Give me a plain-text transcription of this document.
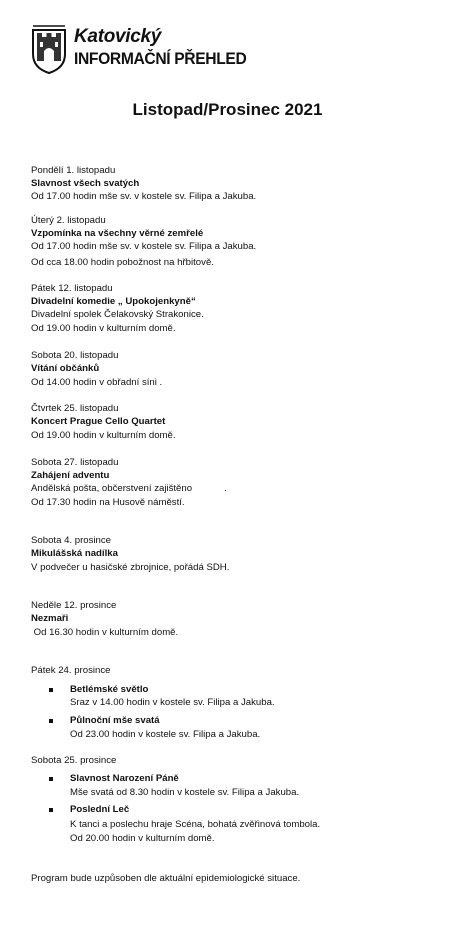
Katovický
INFORMAČNÍ PŘEHLED
Listopad/Prosinec 2021
Pondělí 1. listopadu
Slavnost všech svatých
Od 17.00 hodin mše sv. v kostele sv. Filipa a Jakuba.
Úterý 2. listopadu
Vzpomínka na všechny věrné zemřelé
Od 17.00 hodin mše sv. v kostele sv. Filipa a Jakuba.
Od cca 18.00 hodin pobožnost na hřbitově.
Pátek 12. listopadu
Divadelní komedie „ Upokojenkyně“
Divadelní spolek Čelakovský Strakonice.
Od 19.00 hodin v kulturním domě.
Sobota 20. listopadu
Vítání občánků
Od 14.00 hodin v obřadní síni .
Čtvrtek 25. listopadu
Koncert Prague Cello Quartet
Od 19.00 hodin v kulturním domě.
Sobota 27. listopadu
Zahájení adventu
Andělská pošta, občerstvení zajištěno            .
Od 17.30 hodin na Husově náměstí.
Sobota 4. prosince
Mikulášská nadílka
V podvečer u hasičské zbrojnice, pořádá SDH.
Neděle 12. prosince
Nezmaři
Od 16.30 hodin v kulturním domě.
Pátek 24. prosince
Betlémské světlo
Sraz v 14.00 hodin v kostele sv. Filipa a Jakuba.
Půlnoční mše svatá
Od 23.00 hodin v kostele sv. Filipa a Jakuba.
Sobota 25. prosince
Slavnost Narození Páně
Mše svatá od 8.30 hodin v kostele sv. Filipa a Jakuba.
Poslední Leč
K tanci a poslechu hraje Scéna, bohatá zvěřinová tombola.
Od 20.00 hodin v kulturním domě.
Program bude uzpůsoben dle aktuální epidemiologické situace.
